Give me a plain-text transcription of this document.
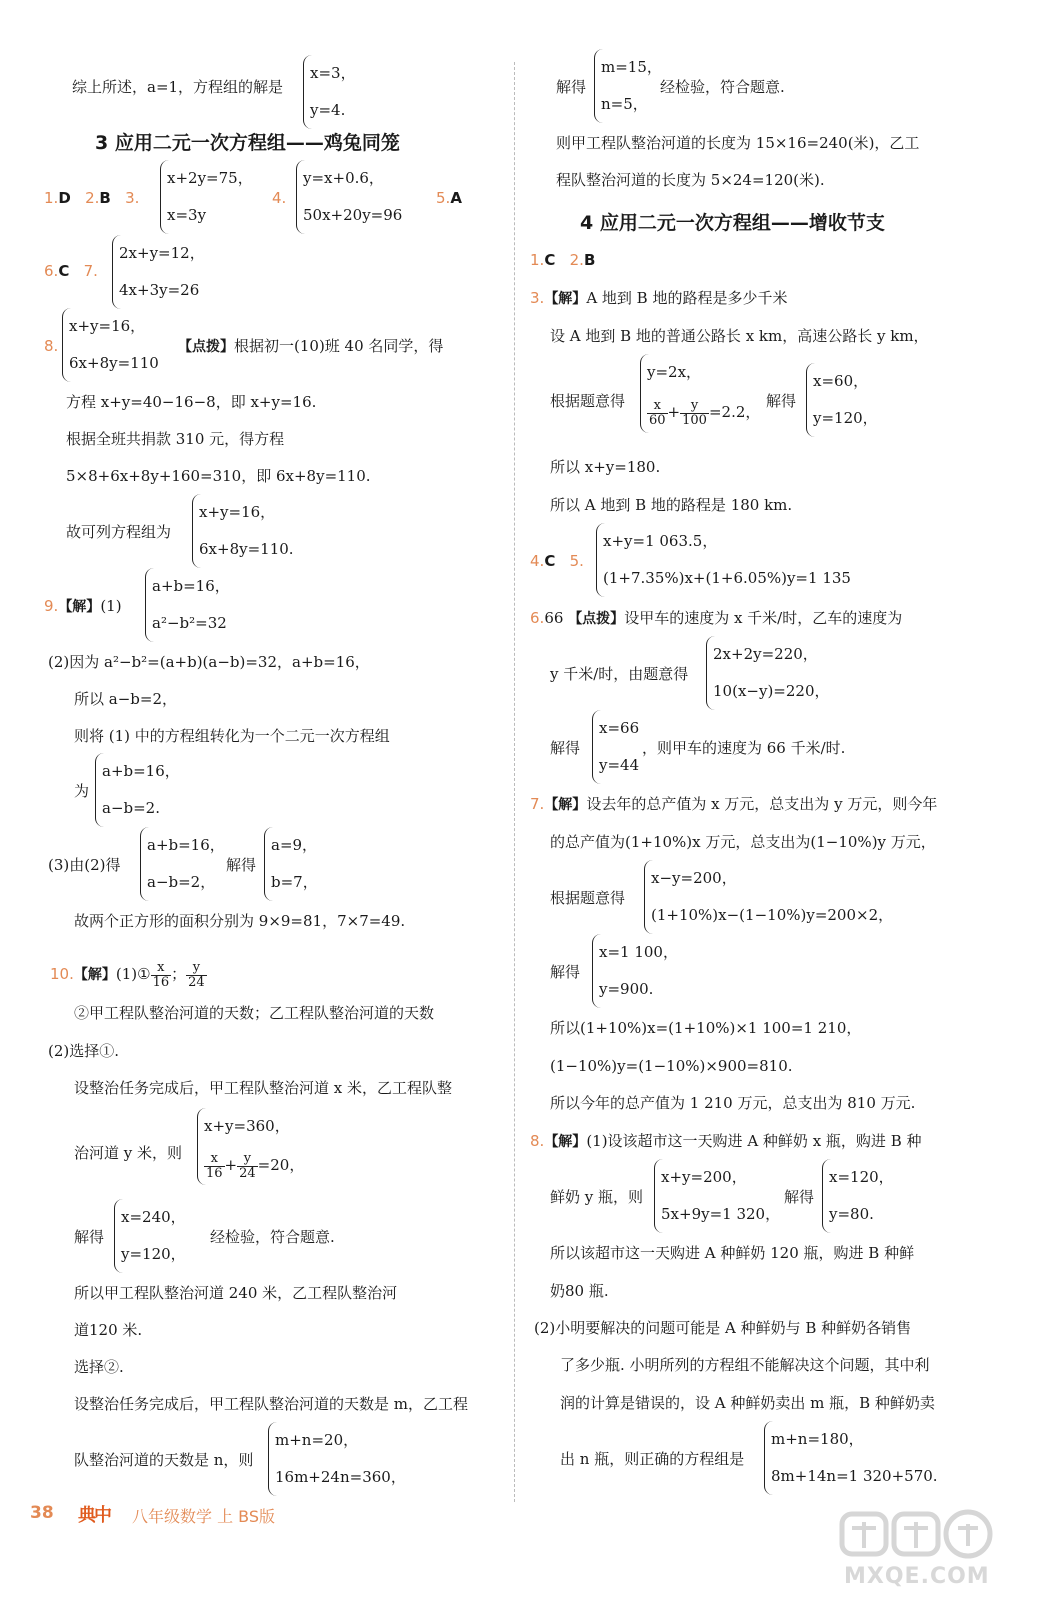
综上所述，a=1，方程组的解是
x=3，
y=4.
3 应用二元一次方程组——鸡兔同笼
1.D 2.B 3.
x+2y=75，
x=3y
4.
y=x+0.6，
50x+20y=96
5.A
6.C 7.
2x+y=12，
4x+3y=26
8.
x+y=16，
6x+8y=110
【点拨】根据初一(10)班 40 名同学，得
方程 x+y=40−16−8，即 x+y=16.
根据全班共捐款 310 元，得方程
5×8+6x+8y+160=310，即 6x+8y=110.
故可列方程组为
x+y=16，
6x+8y=110.
9.【解】(1)
a+b=16，
a²−b²=32
(2)因为 a²−b²=(a+b)(a−b)=32，a+b=16，
所以 a−b=2，
则将 (1) 中的方程组转化为一个二元一次方程组
为
a+b=16，
a−b=2.
(3)由(2)得
a+b=16，
a−b=2，
解得
a=9，
b=7，
故两个正方形的面积分别为 9×9=81，7×7=49.
10.【解】(1)① $\frac{x}{16}$ ； $\frac{y}{24}$
②甲工程队整治河道的天数；乙工程队整治河道的天数
(2)选择①.
设整治任务完成后，甲工程队整治河道 x 米，乙工程队整
治河道 y 米，则
x+y=360，
$\frac{x}{16} + \frac{y}{24} =20$，
解得
x=240，
y=120，
经检验，符合题意.
所以甲工程队整治河道 240 米，乙工程队整治河
道120 米.
选择②.
设整治任务完成后，甲工程队整治河道的天数是 m，乙工程
队整治河道的天数是 n，则
m+n=20，
16m+24n=360，
解得
m=15，
n=5，
经检验，符合题意.
则甲工程队整治河道的长度为 15×16=240(米)，乙工
程队整治河道的长度为 5×24=120(米).
4 应用二元一次方程组——增收节支
1.C 2.B
3.【解】A 地到 B 地的路程是多少千米
设 A 地到 B 地的普通公路长 x km，高速公路长 y km，
根据题意得
y=2x，
$\frac{x}{60} + \frac{y}{100} =2.2$，
解得
x=60，
y=120，
所以 x+y=180.
所以 A 地到 B 地的路程是 180 km.
4.C 5.
x+y=1 063.5，
(1+7.35%)x+(1+6.05%)y=1 135
6.66 【点拨】设甲车的速度为 x 千米/时，乙车的速度为
y 千米/时，由题意得
2x+2y=220，
10(x−y)=220，
解得
x=66
y=44
，则甲车的速度为 66 千米/时.
7.【解】设去年的总产值为 x 万元，总支出为 y 万元，则今年
的总产值为(1+10%)x 万元，总支出为(1−10%)y 万元，
根据题意得
x−y=200，
(1+10%)x−(1−10%)y=200×2，
解得
x=1 100，
y=900.
所以(1+10%)x=(1+10%)×1 100=1 210，
(1−10%)y=(1−10%)×900=810.
所以今年的总产值为 1 210 万元，总支出为 810 万元.
8.【解】(1)设该超市这一天购进 A 种鲜奶 x 瓶，购进 B 种
鲜奶 y 瓶，则
x+y=200，
5x+9y=1 320，
解得
x=120，
y=80.
所以该超市这一天购进 A 种鲜奶 120 瓶，购进 B 种鲜
奶80 瓶.
(2)小明要解决的问题可能是 A 种鲜奶与 B 种鲜奶各销售
了多少瓶. 小明所列的方程组不能解决这个问题，其中利
润的计算是错误的，设 A 种鲜奶卖出 m 瓶，B 种鲜奶卖
出 n 瓶，则正确的方程组是
m+n=180，
8m+14n=1 320+570.
38 典中	八年级数学 上 BS版
MXQE.COM
